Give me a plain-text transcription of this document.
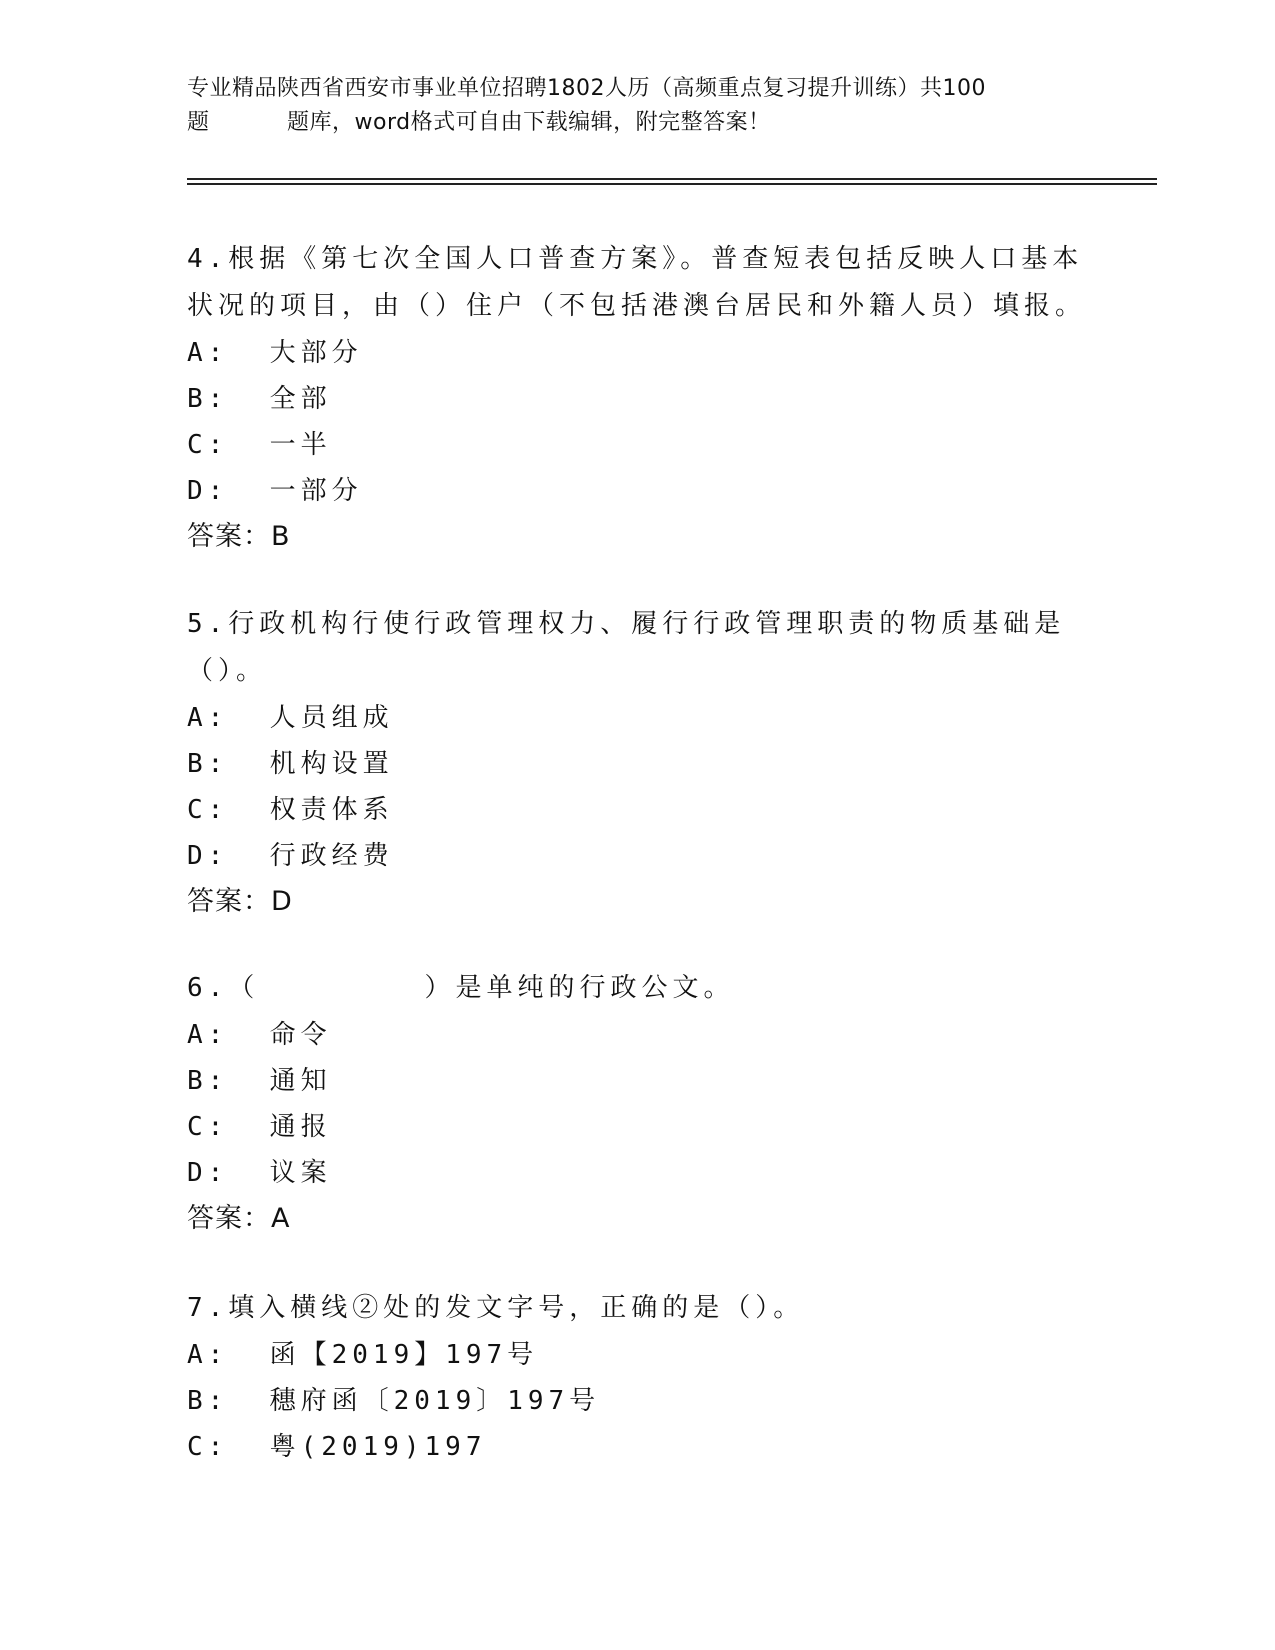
专业精品陕西省西安市事业单位招聘1802人历（高频重点复习提升训练）共100
题	题库，word格式可自由下载编辑，附完整答案！
4.根据《第七次全国人口普查方案》。普查短表包括反映人口基本状况的项目，由（）住户（不包括港澳台居民和外籍人员）填报。
A:  大部分
B:  全部
C:  一半
D:  一部分
答案：B
5.行政机构行使行政管理权力、履行行政管理职责的物质基础是（）。
A:  人员组成
B:  机构设置
C:  权责体系
D:  行政经费
答案：D
6.（        ）是单纯的行政公文。
A:  命令
B:  通知
C:  通报
D:  议案
答案：A
7.填入横线②处的发文字号，正确的是（）。
A:  函【2019】197号
B:  穗府函〔2019〕197号
C:  粤(2019)197
